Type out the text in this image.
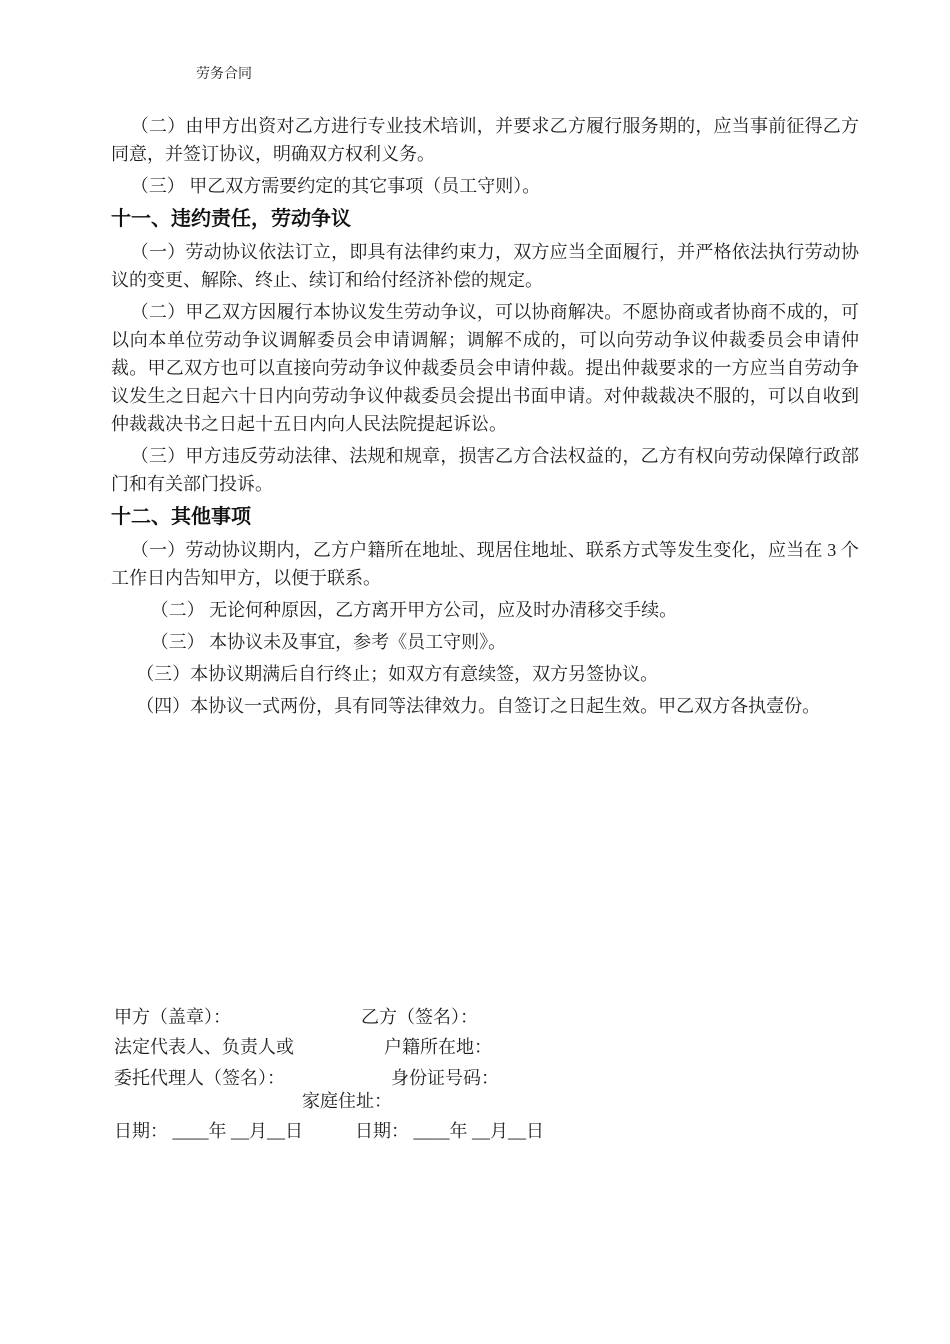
劳务合同

（二）由甲方出资对乙方进行专业技术培训，并要求乙方履行服务期的，应当事前征得乙方同意，并签订协议，明确双方权利义务。

（三） 甲乙双方需要约定的其它事项（员工守则）。

十一、违约责任，劳动争议

（一）劳动协议依法订立，即具有法律约束力，双方应当全面履行，并严格依法执行劳动协议的变更、解除、终止、续订和给付经济补偿的规定。

（二）甲乙双方因履行本协议发生劳动争议，可以协商解决。不愿协商或者协商不成的，可以向本单位劳动争议调解委员会申请调解；调解不成的，可以向劳动争议仲裁委员会申请仲裁。甲乙双方也可以直接向劳动争议仲裁委员会申请仲裁。提出仲裁要求的一方应当自劳动争议发生之日起六十日内向劳动争议仲裁委员会提出书面申请。对仲裁裁决不服的，可以自收到仲裁裁决书之日起十五日内向人民法院提起诉讼。

（三）甲方违反劳动法律、法规和规章，损害乙方合法权益的，乙方有权向劳动保障行政部门和有关部门投诉。

十二、其他事项

（一）劳动协议期内，乙方户籍所在地址、现居住地址、联系方式等发生变化，应当在 3 个工作日内告知甲方，以便于联系。

（二） 无论何种原因，乙方离开甲方公司，应及时办清移交手续。

（三） 本协议未及事宜，参考《员工守则》。

（三）本协议期满后自行终止；如双方有意续签，双方另签协议。

（四）本协议一式两份，具有同等法律效力。自签订之日起生效。甲乙双方各执壹份。

甲方（盖章）：	乙方（签名）：
法定代表人、负责人或	户籍所在地：
委托代理人（签名）：	身份证号码：
家庭住址：
日期： ____年 __月__日	日期： ____年 __月__日
